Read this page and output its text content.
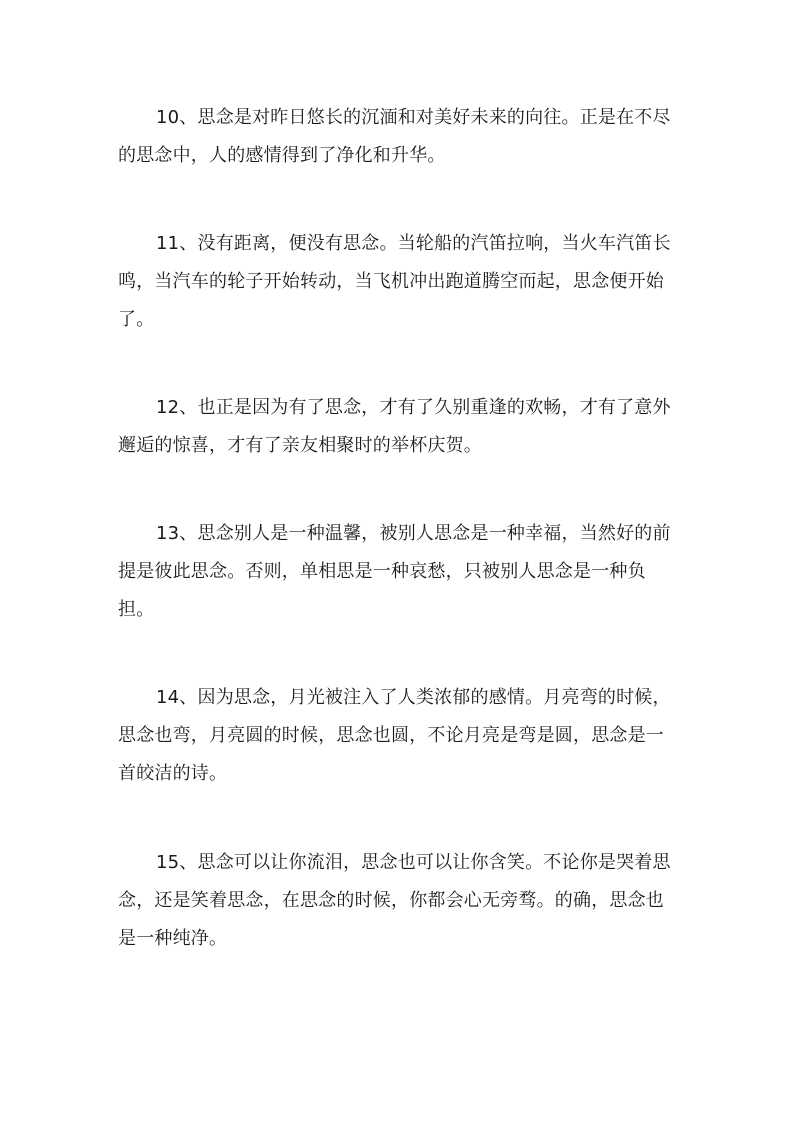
10、思念是对昨日悠长的沉湎和对美好未来的向往。正是在不尽的思念中，人的感情得到了净化和升华。

11、没有距离，便没有思念。当轮船的汽笛拉响，当火车汽笛长鸣，当汽车的轮子开始转动，当飞机冲出跑道腾空而起，思念便开始了。

12、也正是因为有了思念，才有了久别重逢的欢畅，才有了意外邂逅的惊喜，才有了亲友相聚时的举杯庆贺。

13、思念别人是一种温馨，被别人思念是一种幸福，当然好的前提是彼此思念。否则，单相思是一种哀愁，只被别人思念是一种负担。

14、因为思念，月光被注入了人类浓郁的感情。月亮弯的时候，思念也弯，月亮圆的时候，思念也圆，不论月亮是弯是圆，思念是一首皎洁的诗。

15、思念可以让你流泪，思念也可以让你含笑。不论你是哭着思念，还是笑着思念，在思念的时候，你都会心无旁骛。的确，思念也是一种纯净。
